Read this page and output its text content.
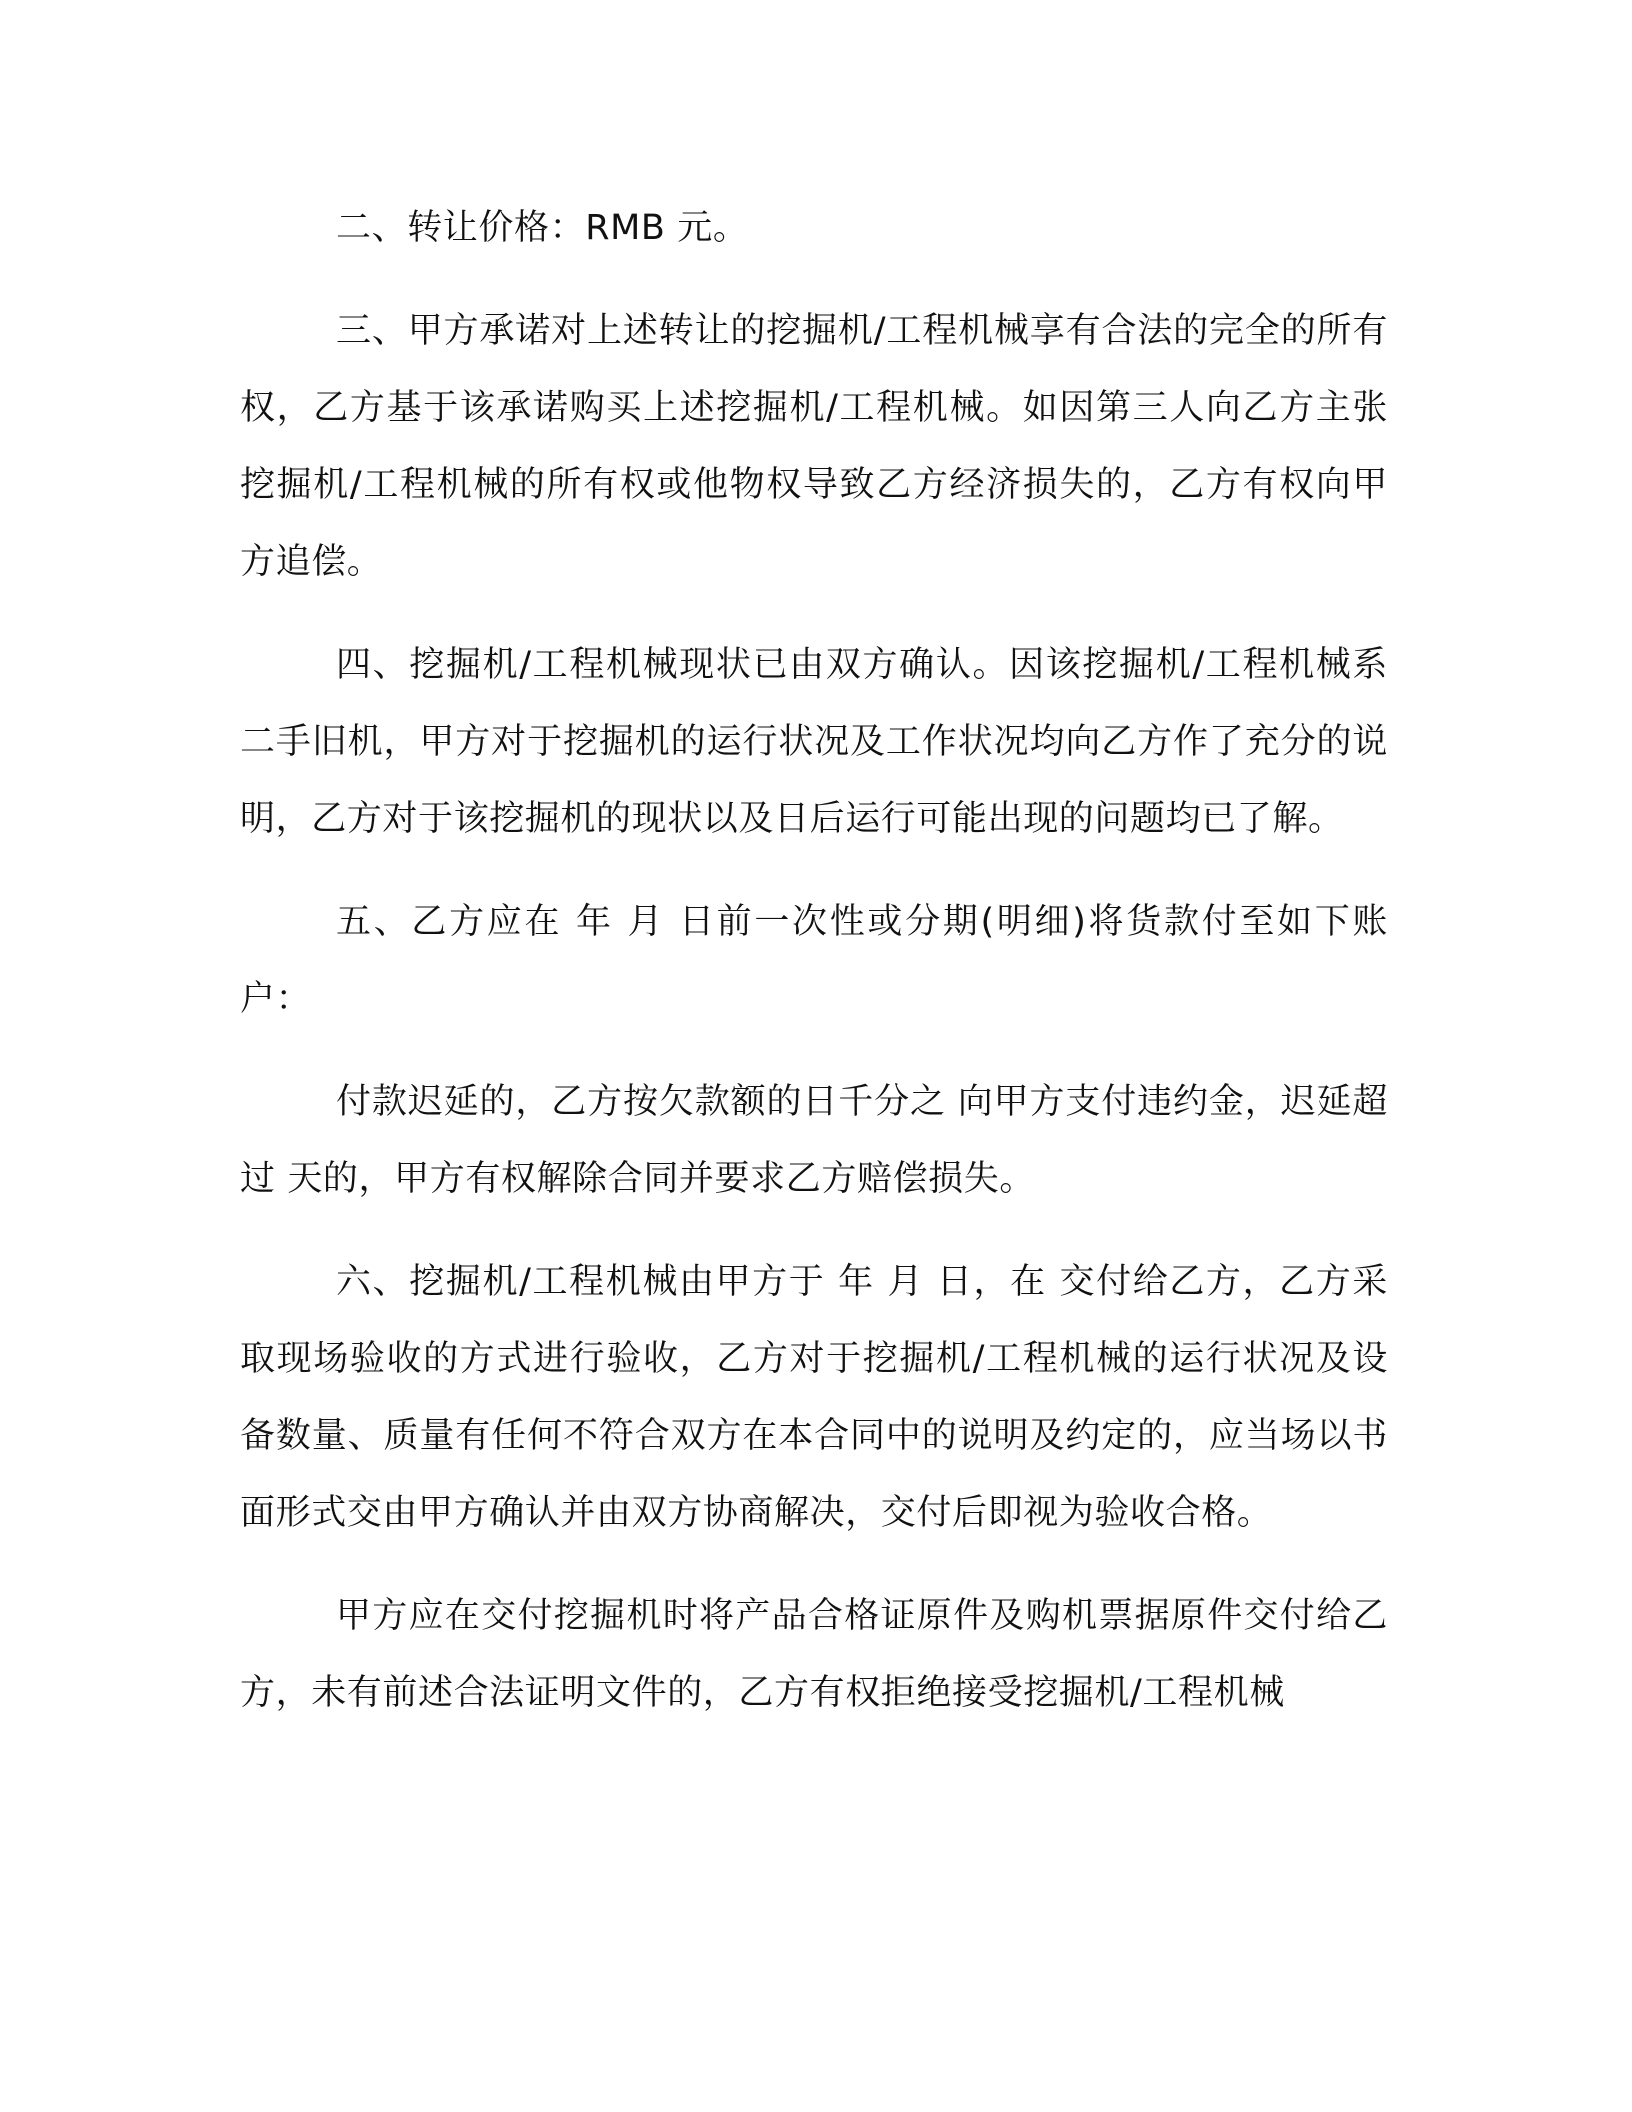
二、转让价格：RMB 元。

三、甲方承诺对上述转让的挖掘机/工程机械享有合法的完全的所有权，乙方基于该承诺购买上述挖掘机/工程机械。如因第三人向乙方主张挖掘机/工程机械的所有权或他物权导致乙方经济损失的，乙方有权向甲方追偿。

四、挖掘机/工程机械现状已由双方确认。因该挖掘机/工程机械系二手旧机，甲方对于挖掘机的运行状况及工作状况均向乙方作了充分的说明，乙方对于该挖掘机的现状以及日后运行可能出现的问题均已了解。

五、乙方应在 年 月 日前一次性或分期(明细)将货款付至如下账户：

付款迟延的，乙方按欠款额的日千分之 向甲方支付违约金，迟延超过 天的，甲方有权解除合同并要求乙方赔偿损失。

六、挖掘机/工程机械由甲方于 年 月 日，在 交付给乙方，乙方采取现场验收的方式进行验收，乙方对于挖掘机/工程机械的运行状况及设备数量、质量有任何不符合双方在本合同中的说明及约定的，应当场以书面形式交由甲方确认并由双方协商解决，交付后即视为验收合格。

甲方应在交付挖掘机时将产品合格证原件及购机票据原件交付给乙方，未有前述合法证明文件的，乙方有权拒绝接受挖掘机/工程机械
